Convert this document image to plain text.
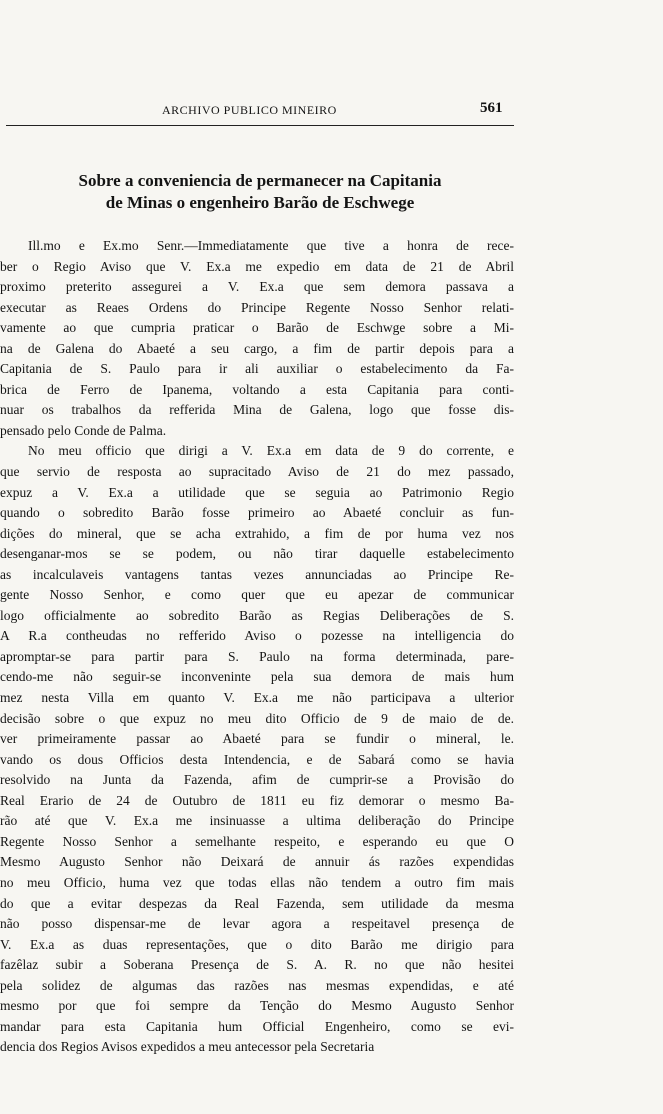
ARCHIVO PUBLICO MINEIRO	561
Sobre a conveniencia de permanecer na Capitania
de Minas o engenheiro Barão de Eschwege
Ill.mo e Ex.mo Senr.—Immediatamente que tive a honra de rece-
ber o Regio Aviso que V. Ex.a me expedio em data de 21 de Abril
proximo preterito assegurei a V. Ex.a que sem demora passava a
executar as Reaes Ordens do Principe Regente Nosso Senhor relati-
vamente ao que cumpria praticar o Barão de Eschwge sobre a Mi-
na de Galena do Abaeté a seu cargo, a fim de partir depois para a
Capitania de S. Paulo para ir ali auxiliar o estabelecimento da Fa-
brica de Ferro de Ipanema, voltando a esta Capitania para conti-
nuar os trabalhos da refferida Mina de Galena, logo que fosse dis-
pensado pelo Conde de Palma.
No meu officio que dirigi a V. Ex.a em data de 9 do corrente, e
que servio de resposta ao supracitado Aviso de 21 do mez passado,
expuz a V. Ex.a a utilidade que se seguia ao Patrimonio Regio
quando o sobredito Barão fosse primeiro ao Abaeté concluir as fun-
dições do mineral, que se acha extrahido, a fim de por huma vez nos
desenganar-mos se se podem, ou não tirar daquelle estabelecimento
as incalculaveis vantagens tantas vezes annunciadas ao Principe Re-
gente Nosso Senhor, e como quer que eu apezar de communicar
logo officialmente ao sobredito Barão as Regias Deliberações de S.
A R.a contheudas no refferido Aviso o pozesse na intelligencia do
apromptar-se para partir para S. Paulo na forma determinada, pare-
cendo-me não seguir-se inconveninte pela sua demora de mais hum
mez nesta Villa em quanto V. Ex.a me não participava a ulterior
decisão sobre o que expuz no meu dito Officio de 9 de maio de de.
ver primeiramente passar ao Abaeté para se fundir o mineral, le.
vando os dous Officios desta Intendencia, e de Sabará como se havia
resolvido na Junta da Fazenda, afim de cumprir-se a Provisão do
Real Erario de 24 de Outubro de 1811 eu fiz demorar o mesmo Ba-
rão até que V. Ex.a me insinuasse a ultima deliberação do Principe
Regente Nosso Senhor a semelhante respeito, e esperando eu que O
Mesmo Augusto Senhor não Deixará de annuir ás razões expendidas
no meu Officio, huma vez que todas ellas não tendem a outro fim mais
do que a evitar despezas da Real Fazenda, sem utilidade da mesma
não posso dispensar-me de levar agora a respeitavel presença de
V. Ex.a as duas representações, que o dito Barão me dirigio para
fazêlaz subir a Soberana Presença de S. A. R. no que não hesitei
pela solidez de algumas das razões nas mesmas expendidas, e até
mesmo por que foi sempre da Tenção do Mesmo Augusto Senhor
mandar para esta Capitania hum Official Engenheiro, como se evi-
dencia dos Regios Avisos expedidos a meu antecessor pela Secretaria
